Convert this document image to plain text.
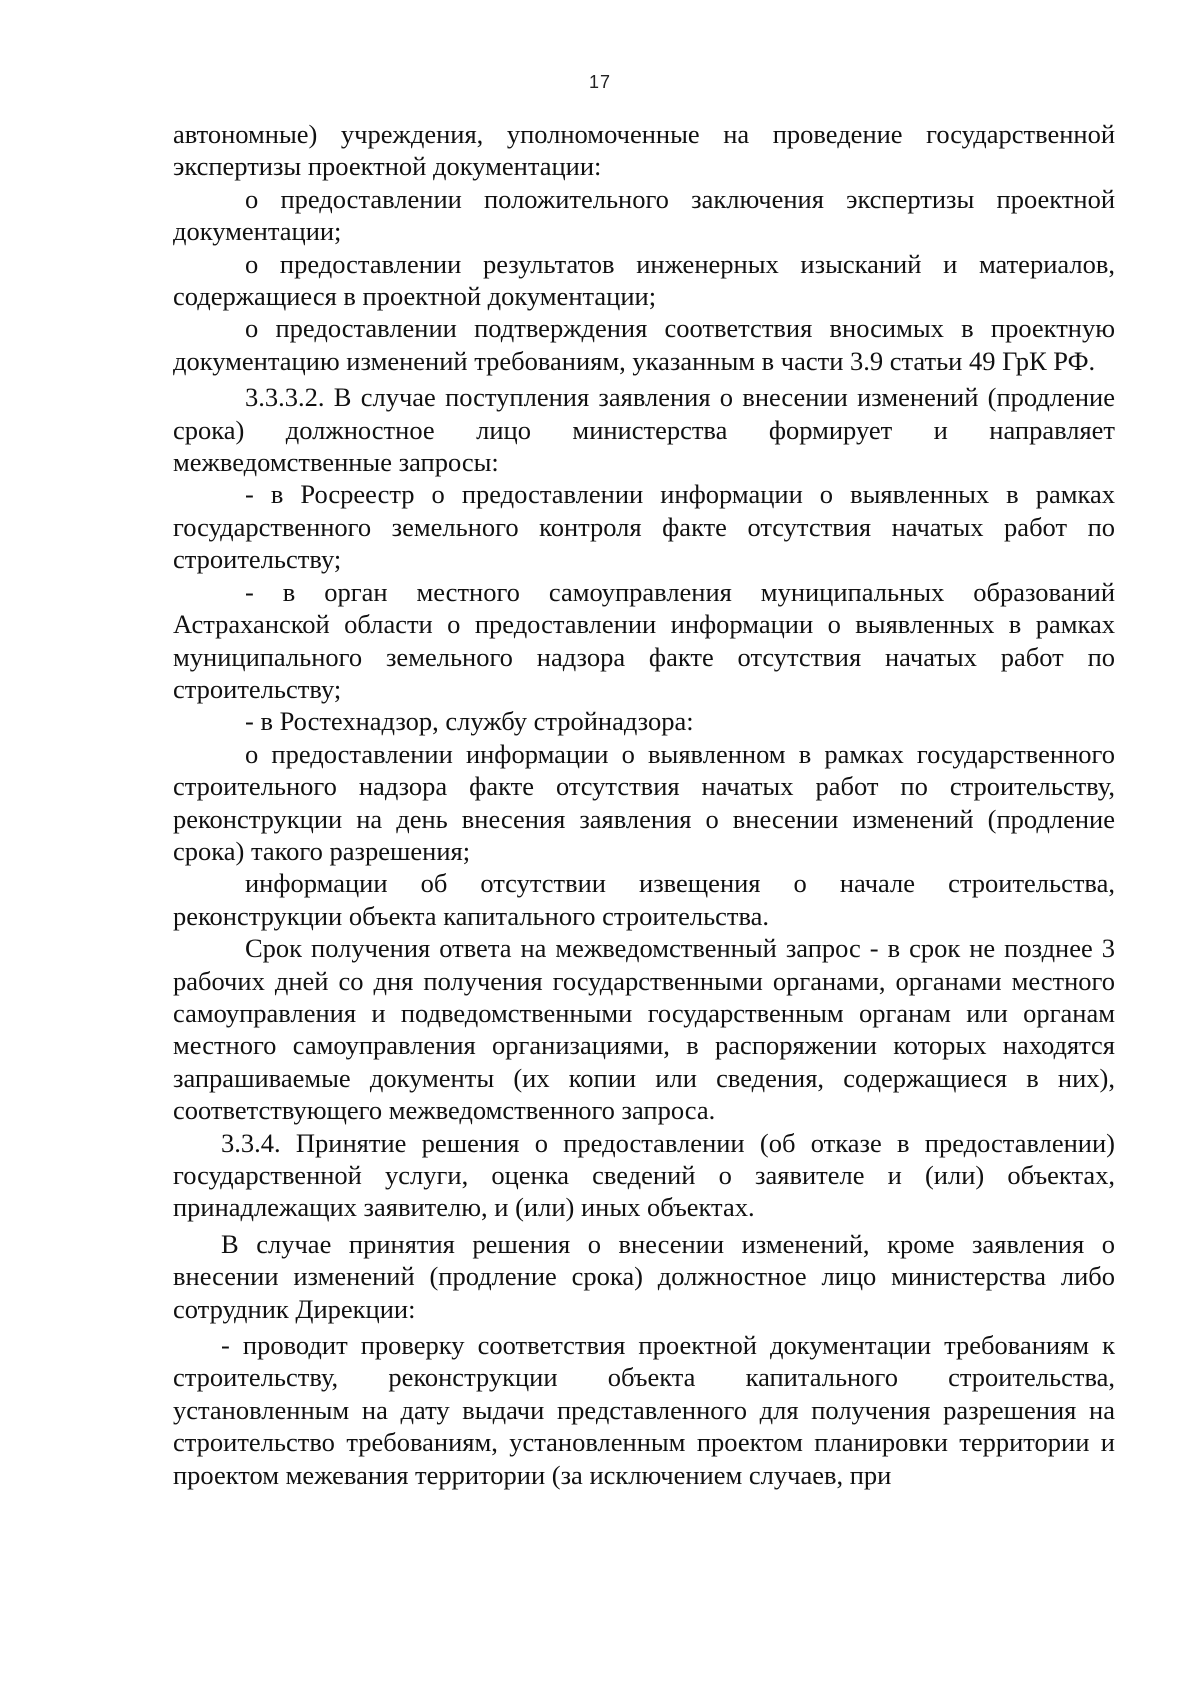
17

автономные) учреждения, уполномоченные на проведение государственной экспертизы проектной документации:

о предоставлении положительного заключения экспертизы проектной документации;

о предоставлении результатов инженерных изысканий и материалов, содержащиеся в проектной документации;

о предоставлении подтверждения соответствия вносимых в проектную документацию изменений требованиям, указанным в части 3.9 статьи 49 ГрК РФ.

3.3.3.2. В случае поступления заявления о внесении изменений (продление срока) должностное лицо министерства формирует и направляет межведомственные запросы:

- в Росреестр о предоставлении информации о выявленных в рамках государственного земельного контроля факте отсутствия начатых работ по строительству;

- в орган местного самоуправления муниципальных образований Астраханской области о предоставлении информации о выявленных в рамках муниципального земельного надзора факте отсутствия начатых работ по строительству;

- в Ростехнадзор, службу стройнадзора:

о предоставлении информации о выявленном в рамках государственного строительного надзора факте отсутствия начатых работ по строительству, реконструкции на день внесения заявления о внесении изменений (продление срока) такого разрешения;

информации об отсутствии извещения о начале строительства, реконструкции объекта капитального строительства.

Срок получения ответа на межведомственный запрос - в срок не позднее 3 рабочих дней со дня получения государственными органами, органами местного самоуправления и подведомственными государственным органам или органам местного самоуправления организациями, в распоряжении которых находятся запрашиваемые документы (их копии или сведения, содержащиеся в них), соответствующего межведомственного запроса.

3.3.4. Принятие решения о предоставлении (об отказе в предоставлении) государственной услуги, оценка сведений о заявителе и (или) объектах, принадлежащих заявителю, и (или) иных объектах.

В случае принятия решения о внесении изменений, кроме заявления о внесении изменений (продление срока) должностное лицо министерства либо сотрудник Дирекции:

- проводит проверку соответствия проектной документации требованиям к строительству, реконструкции объекта капитального строительства, установленным на дату выдачи представленного для получения разрешения на строительство требованиям, установленным проектом планировки территории и проектом межевания территории (за исключением случаев, при
